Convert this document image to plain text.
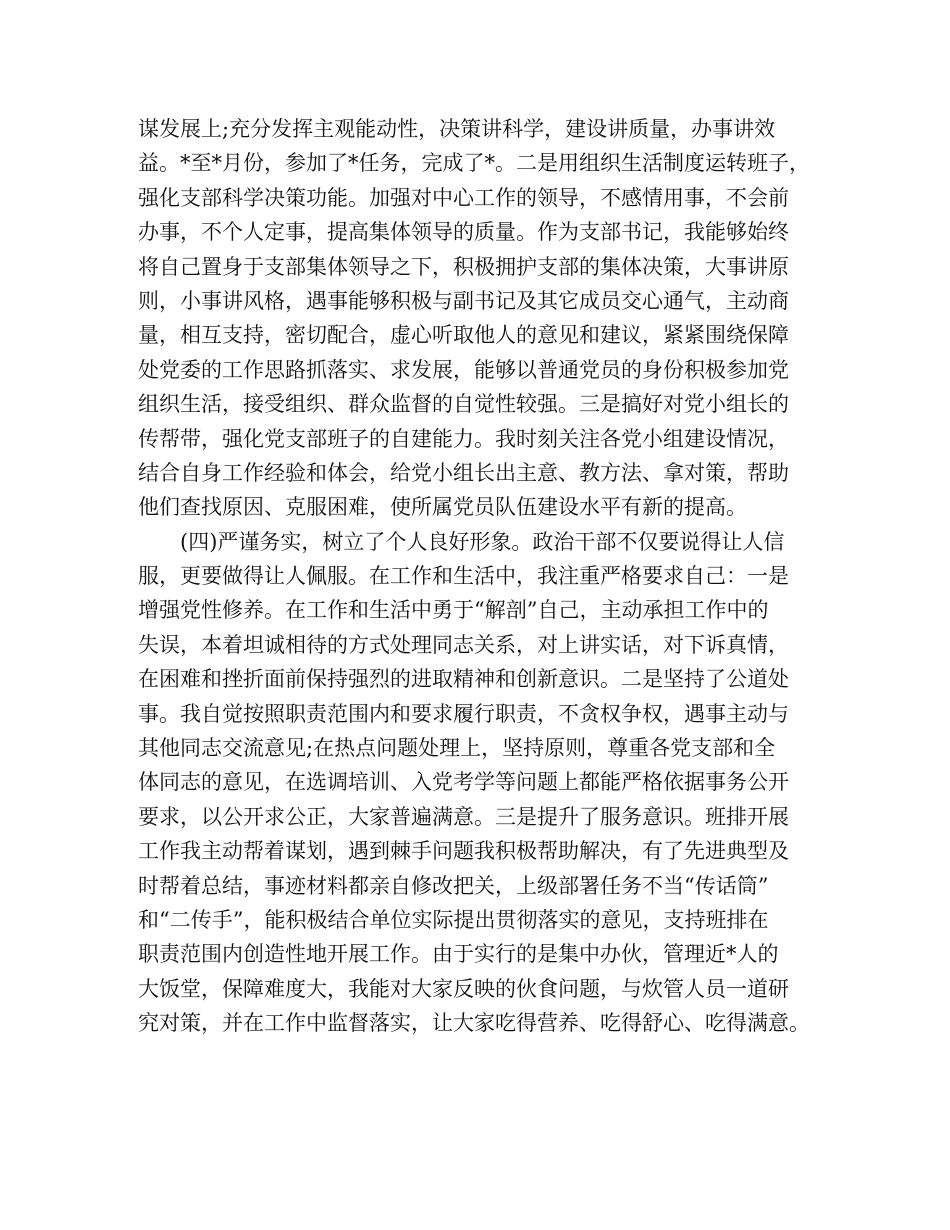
谋发展上;充分发挥主观能动性，决策讲科学，建设讲质量，办事讲效
益。*至*月份，参加了*任务，完成了*。二是用组织生活制度运转班子，
强化支部科学决策功能。加强对中心工作的领导，不感情用事，不会前
办事，不个人定事，提高集体领导的质量。作为支部书记，我能够始终
将自己置身于支部集体领导之下，积极拥护支部的集体决策，大事讲原
则，小事讲风格，遇事能够积极与副书记及其它成员交心通气，主动商
量，相互支持，密切配合，虚心听取他人的意见和建议，紧紧围绕保障
处党委的工作思路抓落实、求发展，能够以普通党员的身份积极参加党
组织生活，接受组织、群众监督的自觉性较强。三是搞好对党小组长的
传帮带，强化党支部班子的自建能力。我时刻关注各党小组建设情况，
结合自身工作经验和体会，给党小组长出主意、教方法、拿对策，帮助
他们查找原因、克服困难，使所属党员队伍建设水平有新的提高。
　　(四)严谨务实，树立了个人良好形象。政治干部不仅要说得让人信
服，更要做得让人佩服。在工作和生活中，我注重严格要求自己：一是
增强党性修养。在工作和生活中勇于“解剖”自己，主动承担工作中的
失误，本着坦诚相待的方式处理同志关系，对上讲实话，对下诉真情，
在困难和挫折面前保持强烈的进取精神和创新意识。二是坚持了公道处
事。我自觉按照职责范围内和要求履行职责，不贪权争权，遇事主动与
其他同志交流意见;在热点问题处理上，坚持原则，尊重各党支部和全
体同志的意见，在选调培训、入党考学等问题上都能严格依据事务公开
要求，以公开求公正，大家普遍满意。三是提升了服务意识。班排开展
工作我主动帮着谋划，遇到棘手问题我积极帮助解决，有了先进典型及
时帮着总结，事迹材料都亲自修改把关，上级部署任务不当“传话筒”
和“二传手”，能积极结合单位实际提出贯彻落实的意见，支持班排在
职责范围内创造性地开展工作。由于实行的是集中办伙，管理近*人的
大饭堂，保障难度大，我能对大家反映的伙食问题，与炊管人员一道研
究对策，并在工作中监督落实，让大家吃得营养、吃得舒心、吃得满意。
